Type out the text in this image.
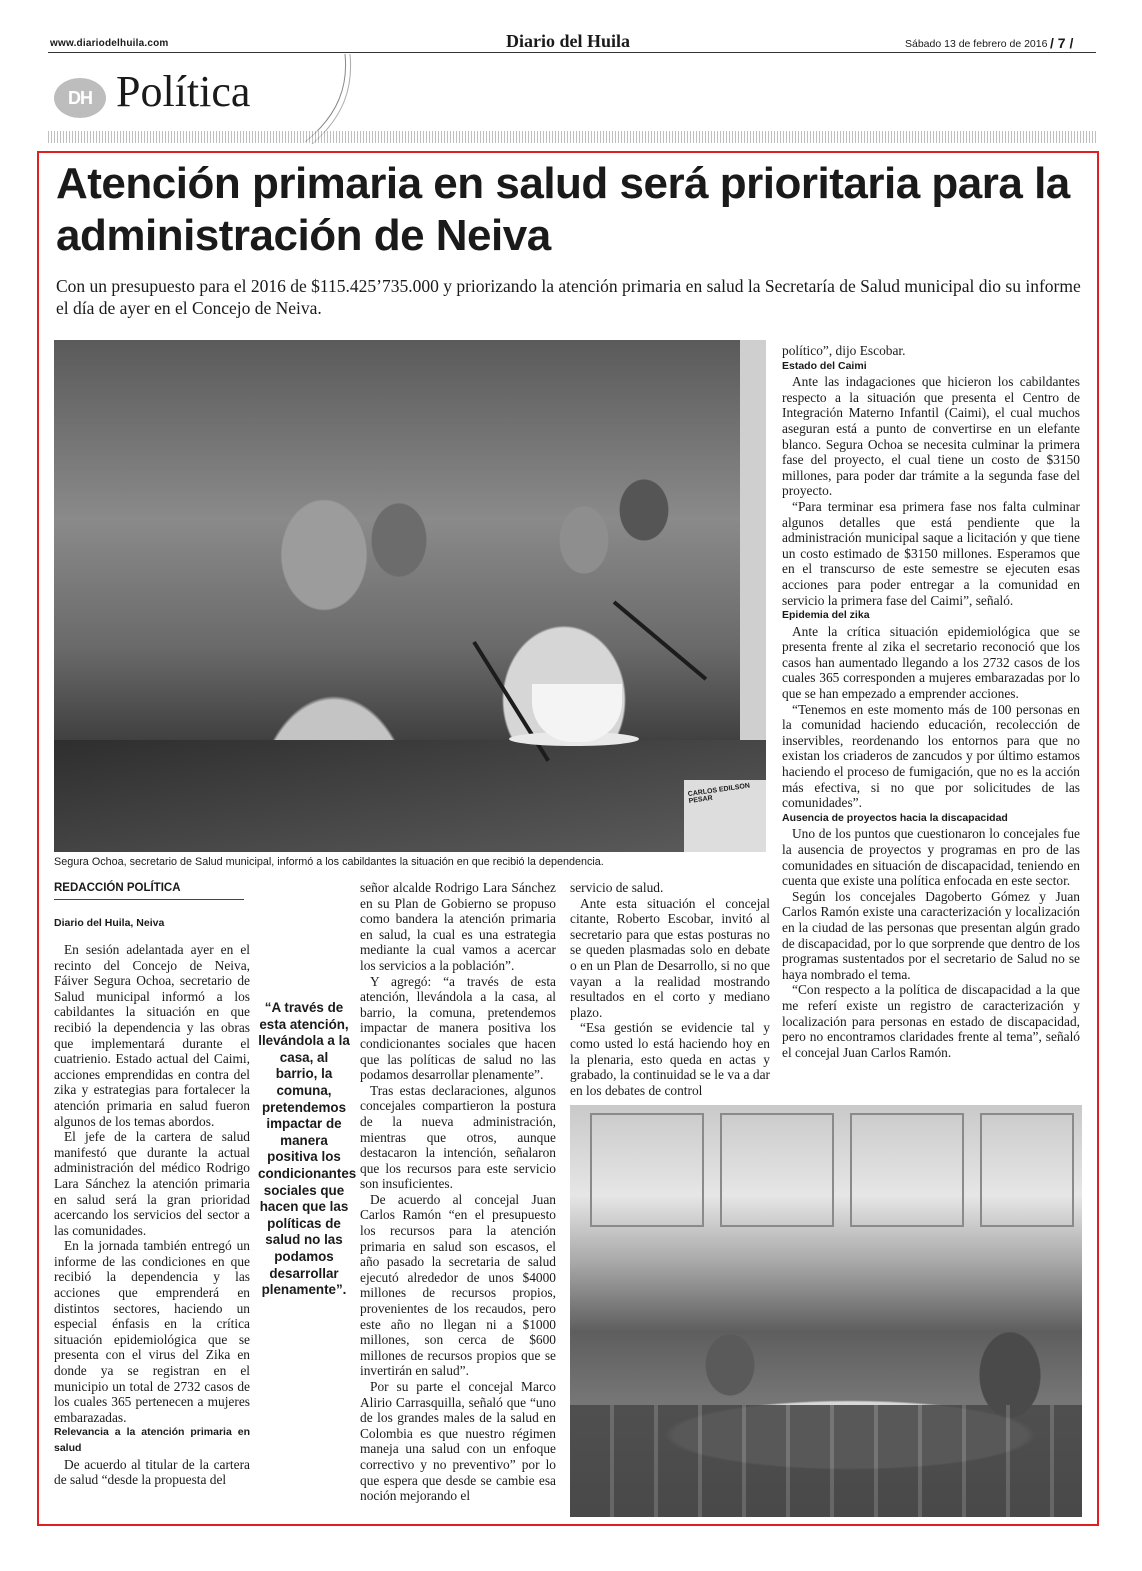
www.diariodelhuila.com	Diario del Huila	Sábado 13 de febrero de 2016 / 7 /
DH Política
Atención primaria en salud será prioritaria para la administración de Neiva
Con un presupuesto para el 2016 de $115.425’735.000 y priorizando la atención primaria en salud la Secretaría de Salud municipal dio su informe el día de ayer en el Concejo de Neiva.
CARLOS EDILSON PESAR
Segura Ochoa, secretario de Salud municipal, informó a los cabildantes la situación en que recibió la dependencia.
REDACCIÓN POLÍTICA
Diario del Huila, Neiva

En sesión adelantada ayer en el recinto del Concejo de Neiva, Fáiver Segura Ochoa, secretario de Salud municipal informó a los cabildantes la situación en que recibió la dependencia y las obras que implementará durante el cuatrienio. Estado actual del Caimi, acciones emprendidas en contra del zika y estrategias para fortalecer la atención primaria en salud fueron algunos de los temas abordos.

El jefe de la cartera de salud manifestó que durante la actual administración del médico Rodrigo Lara Sánchez la atención primaria en salud será la gran prioridad acercando los servicios del sector a las comunidades.

En la jornada también entregó un informe de las condiciones en que recibió la dependencia y las acciones que emprenderá en distintos sectores, haciendo un especial énfasis en la crítica situación epidemiológica que se presenta con el virus del Zika en donde ya se registran en el municipio un total de 2732 casos de los cuales 365 pertenecen a mujeres embarazadas.

Relevancia a la atención primaria en salud

De acuerdo al titular de la cartera de salud “desde la propuesta del

“A través de esta atención, llevándola a la casa, al barrio, la comuna, pretendemos impactar de manera positiva los condicionantes sociales que hacen que las políticas de salud no las podamos desarrollar plenamente”.

señor alcalde Rodrigo Lara Sánchez en su Plan de Gobierno se propuso como bandera la atención primaria en salud, la cual es una estrategia mediante la cual vamos a acercar los servicios a la población”.

Y agregó: “a través de esta atención, llevándola a la casa, al barrio, la comuna, pretendemos impactar de manera positiva los condicionantes sociales que hacen que las políticas de salud no las podamos desarrollar plenamente”.

Tras estas declaraciones, algunos concejales compartieron la postura de la nueva administración, mientras que otros, aunque destacaron la intención, señalaron que los recursos para este servicio son insuficientes.

De acuerdo al concejal Juan Carlos Ramón “en el presupuesto los recursos para la atención primaria en salud son escasos, el año pasado la secretaria de salud ejecutó alrededor de unos $4000 millones de recursos propios, provenientes de los recaudos, pero este año no llegan ni a $1000 millones, son cerca de $600 millones de recursos propios que se invertirán en salud”.

Por su parte el concejal Marco Alirio Carrasquilla, señaló que “uno de los grandes males de la salud en Colombia es que nuestro régimen maneja una salud con un enfoque correctivo y no preventivo” por lo que espera que desde se cambie esa noción mejorando el

servicio de salud.

Ante esta situación el concejal citante, Roberto Escobar, invitó al secretario para que estas posturas no se queden plasmadas solo en debate o en un Plan de Desarrollo, si no que vayan a la realidad mostrando resultados en el corto y mediano plazo.

“Esa gestión se evidencie tal y como usted lo está haciendo hoy en la plenaria, esto queda en actas y grabado, la continuidad se le va a dar en los debates de control

político”, dijo Escobar.

Estado del Caimi

Ante las indagaciones que hicieron los cabildantes respecto a la situación que presenta el Centro de Integración Materno Infantil (Caimi), el cual muchos aseguran está a punto de convertirse en un elefante blanco. Segura Ochoa se necesita culminar la primera fase del proyecto, el cual tiene un costo de $3150 millones, para poder dar trámite a la segunda fase del proyecto.

“Para terminar esa primera fase nos falta culminar algunos detalles que está pendiente que la administración municipal saque a licitación y que tiene un costo estimado de $3150 millones. Esperamos que en el transcurso de este semestre se ejecuten esas acciones para poder entregar a la comunidad en servicio la primera fase del Caimi”, señaló.

Epidemia del zika

Ante la crítica situación epidemiológica que se presenta frente al zika el secretario reconoció que los casos han aumentado llegando a los 2732 casos de los cuales 365 corresponden a mujeres embarazadas por lo que se han empezado a emprender acciones.

“Tenemos en este momento más de 100 personas en la comunidad haciendo educación, recolección de inservibles, reordenando los entornos para que no existan los criaderos de zancudos y por último estamos haciendo el proceso de fumigación, que no es la acción más efectiva, si no que por solicitudes de las comunidades”.

Ausencia de proyectos hacia la discapacidad

Uno de los puntos que cuestionaron lo concejales fue la ausencia de proyectos y programas en pro de las comunidades en situación de discapacidad, teniendo en cuenta que existe una política enfocada en este sector.

Según los concejales Dagoberto Gómez y Juan Carlos Ramón existe una caracterización y localización en la ciudad de las personas que presentan algún grado de discapacidad, por lo que sorprende que dentro de los programas sustentados por el secretario de Salud no se haya nombrado el tema.

“Con respecto a la política de discapacidad a la que me referí existe un registro de caracterización y localización para personas en estado de discapacidad, pero no encontramos claridades frente al tema”, señaló el concejal Juan Carlos Ramón.
